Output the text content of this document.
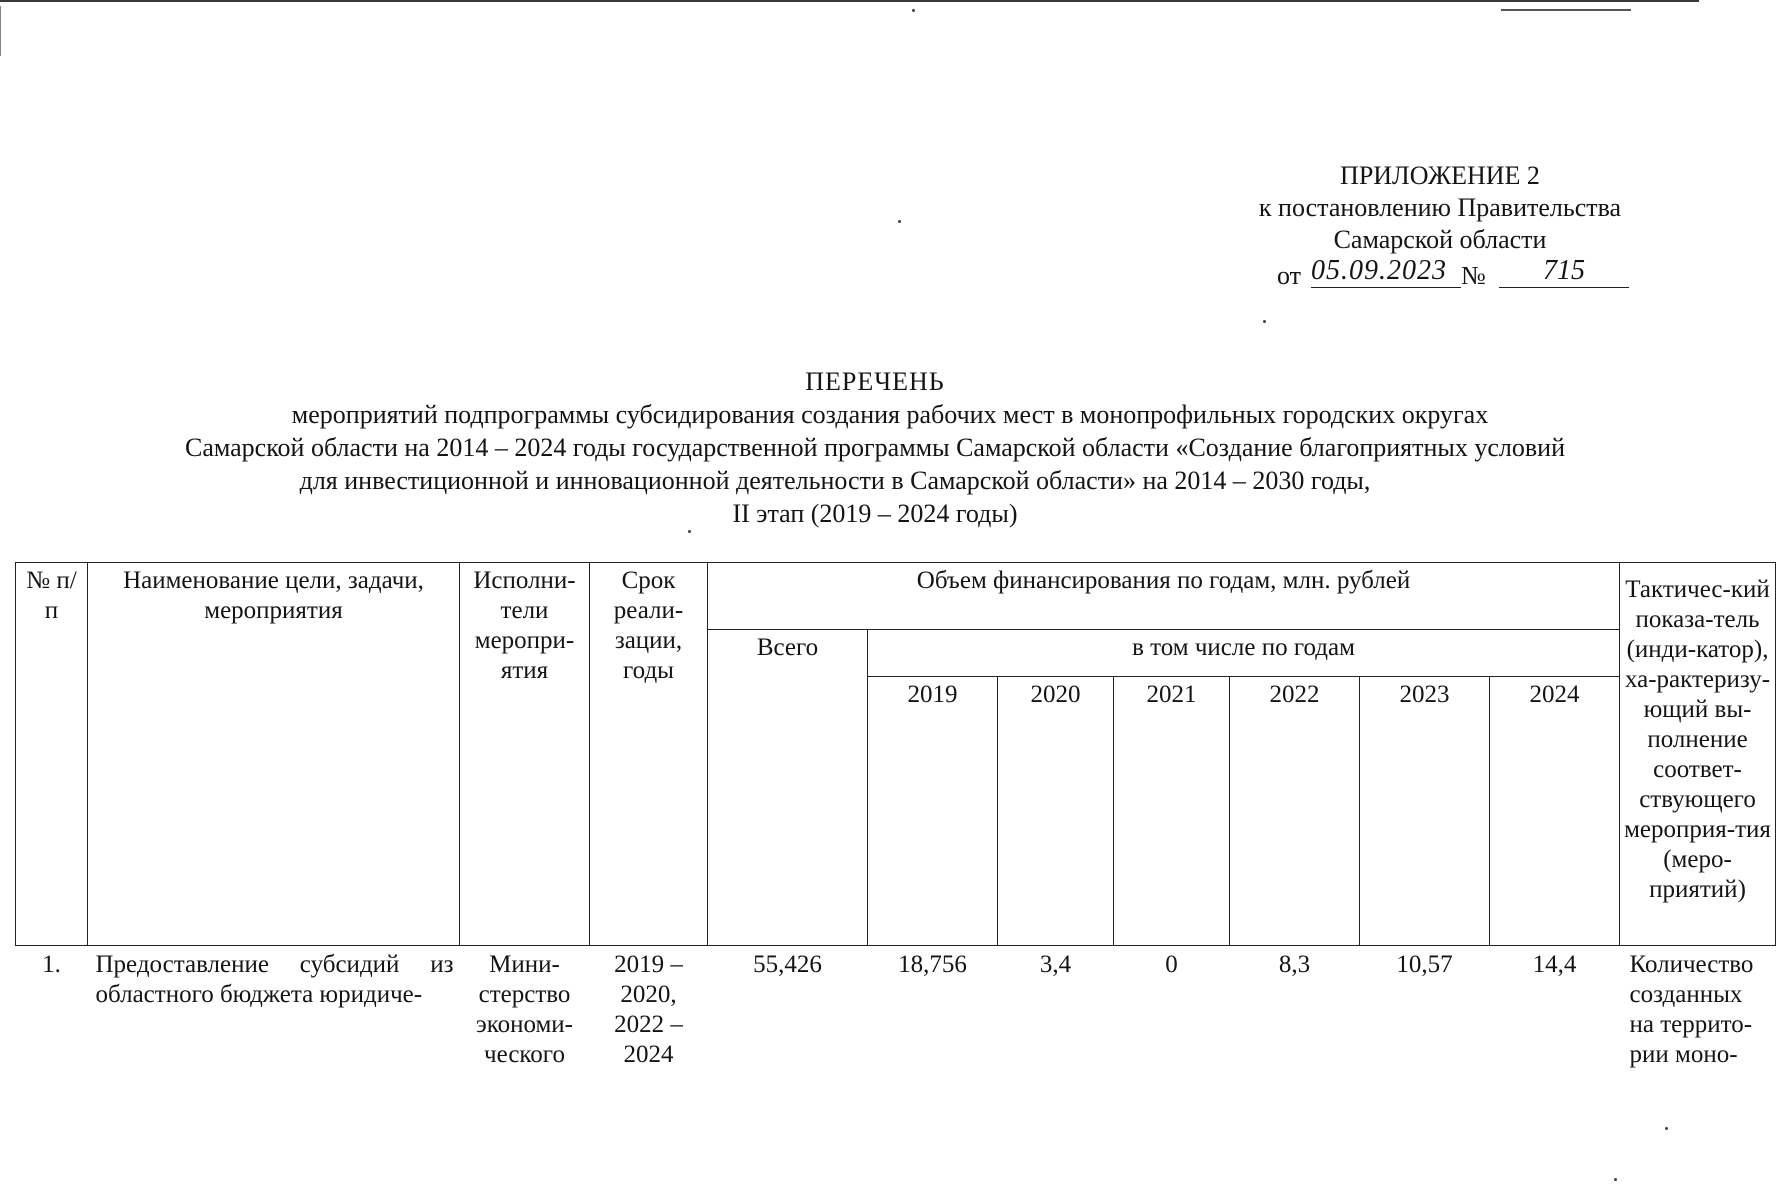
ПРИЛОЖЕНИЕ 2
к постановлению Правительства
Самарской области
от 05.09.2023 №	715
ПЕРЕЧЕНЬ
мероприятий подпрограммы субсидирования создания рабочих мест в монопрофильных городских округах
Самарской области на 2014 – 2024 годы государственной программы Самарской области «Создание благоприятных условий
для инвестиционной и инновационной деятельности в Самарской области» на 2014 – 2030 годы,
II этап (2019 – 2024 годы)
№ п/п	Наименование цели, задачи, мероприятия	Исполни-тели меропри-ятия	Срок реали-зации, годы	Объем финансирования по годам, млн. рублей							Тактичес-кий показа-тель (инди-катор), ха-рактеризу-ющий вы-полнение соответ-ствующего мероприя-тия (меро-приятий)
				Всего	в том числе по годам						
					2019	2020	2021	2022	2023	2024	
1.	Предоставление субсидий из областного бюджета юридиче-	Мини-стерство экономи-ческого	2019 – 2020, 2022 – 2024	55,426	18,756	3,4	0	8,3	10,57	14,4	Количество созданных на террито-рии моно-
